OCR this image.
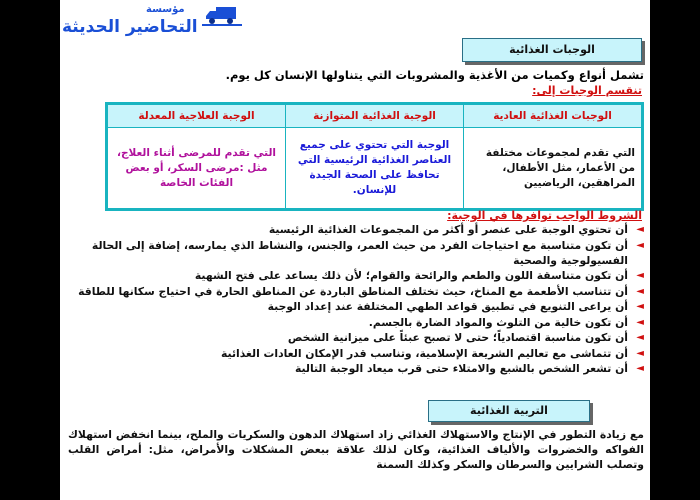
مؤسسة
التحاضير الحديثة
الوجبات الغذائية
تشمل أنواع وكميات من الأغذية والمشروبات التي يتناولها الإنسان كل يوم.
تنقسم الوجبات إلى:
الوجبات الغذائية العادية	الوجبة الغذائية المتوازنة	الوجبة العلاجية المعدلة
التي تقدم لمجموعات مختلفة من الأعمار، مثل الأطفال، المراهقين، الرياضيين	الوجبة التي تحتوي على جميع العناصر الغذائية الرئيسية التي تحافظ على الصحة الجيدة للإنسان.	التي تقدم للمرضى أثناء العلاج، مثل :مرضى السكر، أو بعض الفئات الخاصة
الشروط الواجب توافرها في الوجبة:
◄
أن تحتوي الوجبة على عنصر أو أكثر من المجموعات الغذائية الرئيسية
◄
أن تكون متناسبة مع احتياجات الفرد من حيث العمر، والجنس، والنشاط الذي يمارسه، إضافة إلى الحالة الفسيولوجية والصحية
◄
أن تكون متناسقة اللون والطعم والرائحة والقوام؛ لأن ذلك يساعد على فتح الشهية
◄
أن تتناسب الأطعمة مع المناخ، حيث تختلف المناطق الباردة عن المناطق الحارة في احتياج سكانها للطاقة
◄
أن يراعى التنويع في تطبيق قواعد الطهي المختلفة عند إعداد الوجبة
◄
أن تكون خالية من التلوث والمواد الضارة بالجسم.
◄
أن تكون مناسبة اقتصادياً؛ حتى لا تصبح عبئاً على ميزانية الشخص
◄
أن تتماشى مع تعاليم الشريعة الإسلامية، وتناسب قدر الإمكان العادات الغذائية
◄
أن تشعر الشخص بالشبع والامتلاء حتى قرب ميعاد الوجبة التالية
التربية الغذائية
مع زيادة التطور في الإنتاج والاستهلاك الغذائي زاد استهلاك الدهون والسكريات والملح، بينما انخفض استهلاك الفواكه والخضروات والألياف الغذائية، وكان لذلك علاقة ببعض المشكلات والأمراض، مثل: أمراض القلب وتصلب الشرايين والسرطان والسكر وكذلك السمنة
